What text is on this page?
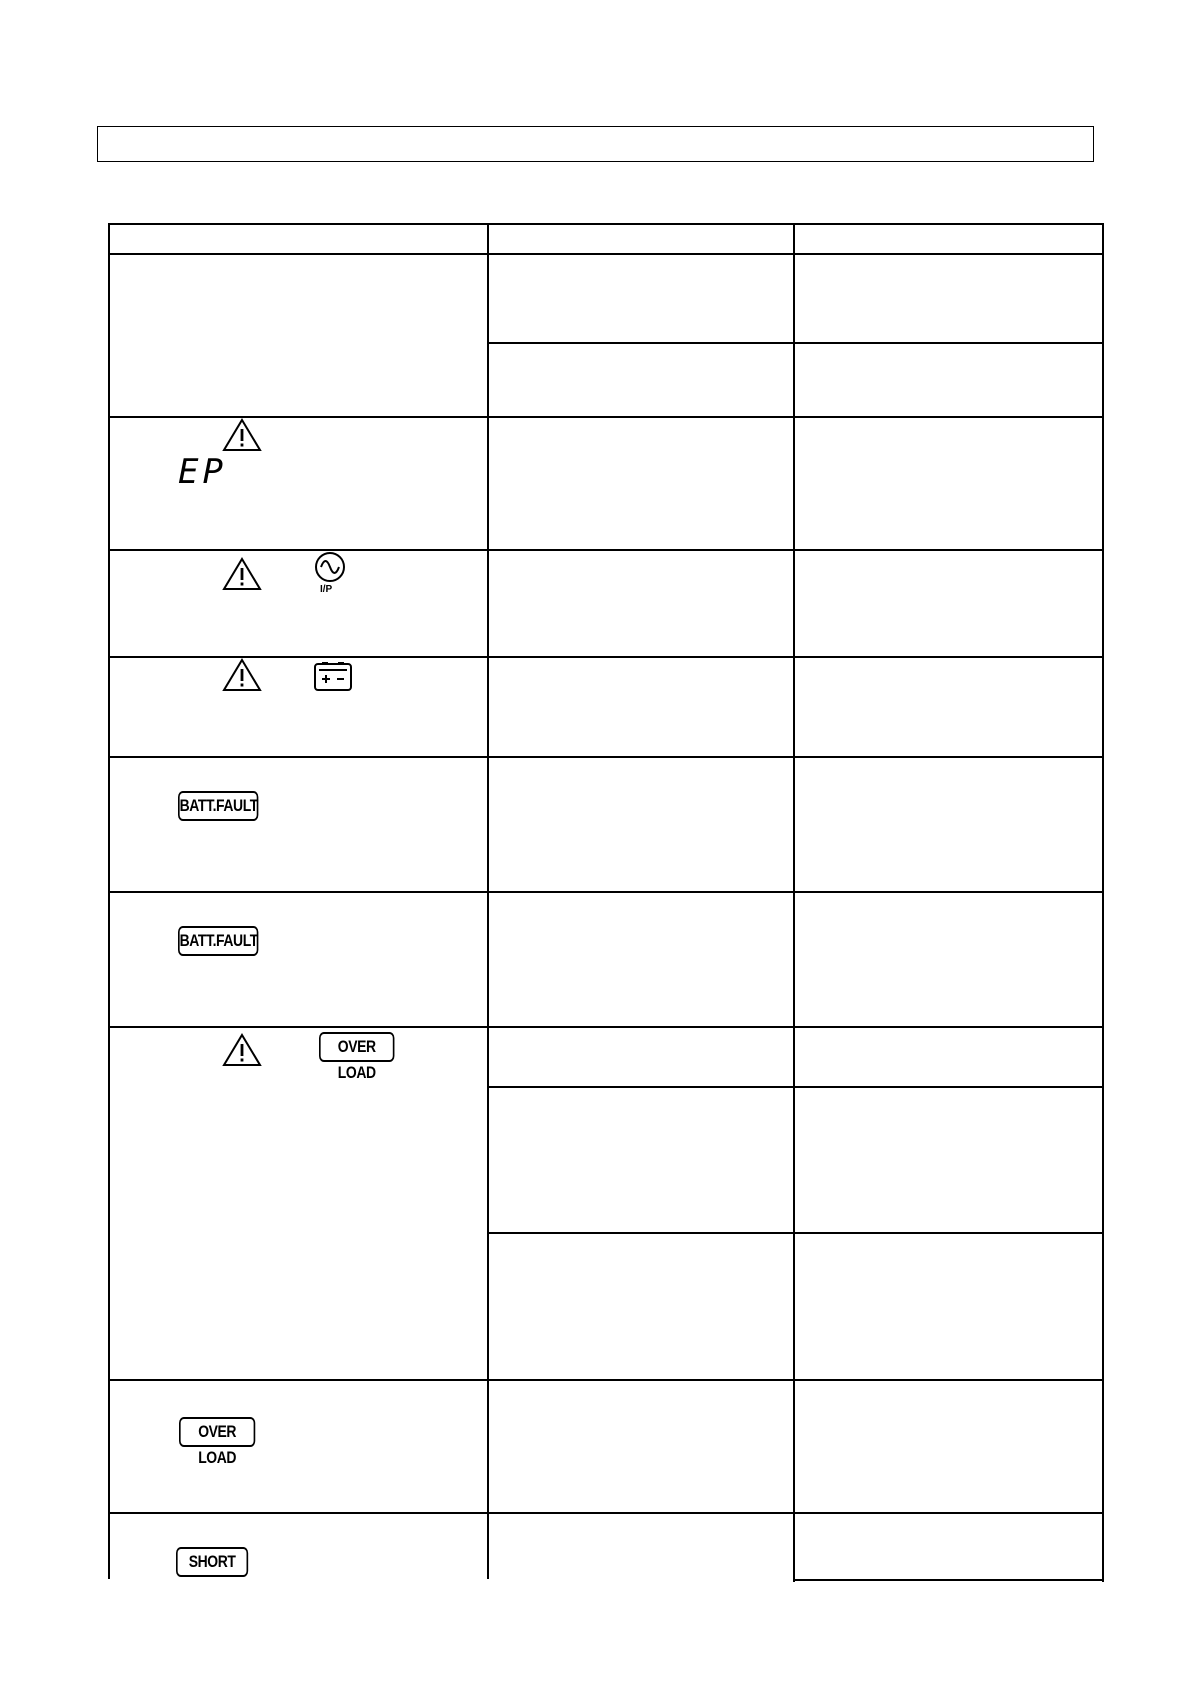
EP
I/P
BATT.FAULT
BATT.FAULT
OVER LOAD
OVER LOAD
SHORT
